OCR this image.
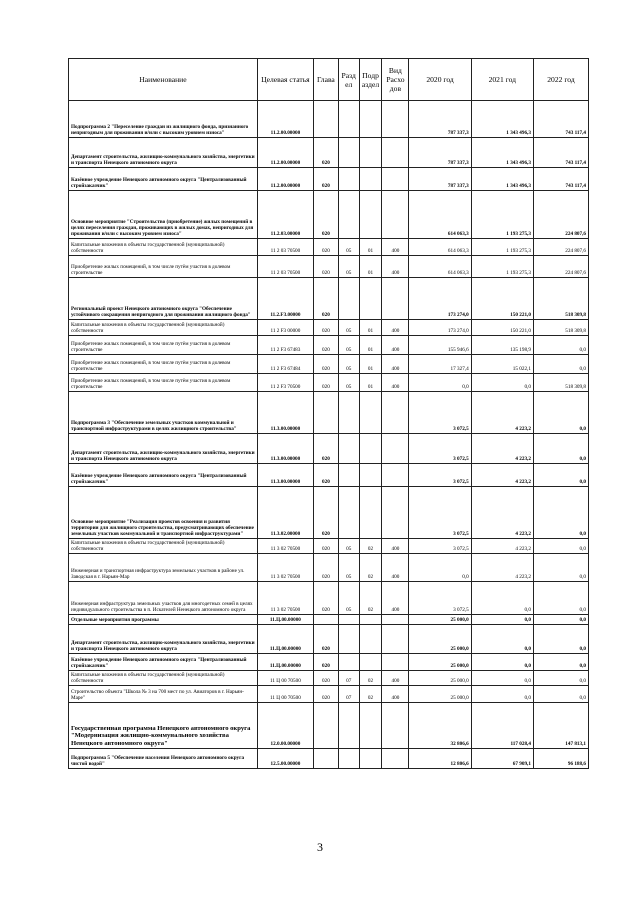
Наименование	Целевая статья	Глава	Разд ел	Подр аздел	Вид Расхо дов	2020 год	2021 год	2022 год
Подпрограмма 2 "Переселение граждан из жилищного фонда, признанного непригодным для проживания и/или с высоким уровнем износа"	11.2.00.00000					787 337,3	1 343 496,3	743 117,4
Департамент строительства, жилищно-коммунального хозяйства, энергетики и транспорта Ненецкого автономного округа	11.2.00.00000	020				787 337,3	1 343 496,3	743 117,4
Казённое учреждение Ненецкого автономного округа "Централизованный стройзаказчик"	11.2.00.00000	020				787 337,3	1 343 496,3	743 117,4
Основное мероприятие "Строительство (приобретение) жилых помещений в целях переселения граждан, проживающих в жилых домах, непригодных для проживания и/или с высоким уровнем износа"	11.2.03.00000	020				614 063,3	1 193 275,3	224 807,6
Капитальные вложения в объекты государственной (муниципальной) собственности	11 2 03 70500	020	05	01	400	614 063,3	1 193 275,3	224 807,6
Приобретение жилых помещений, в том числе путём участия в долевом строительстве	11 2 03 70500	020	05	01	400	614 063,3	1 193 275,3	224 807,6
Региональный проект Ненецкого автономного округа "Обеспечение устойчивого сокращения непригодного для проживания жилищного фонда"	11.2.F3.00000	020				173 274,0	150 221,0	518 309,8
Капитальные вложения в объекты государственной (муниципальной) собственности	11 2 F3 00000	020	05	01	400	173 274,0	150 221,0	518 309,8
Приобретение жилых помещений, в том числе путём участия в долевом строительстве	11 2 F3 67483	020	05	01	400	155 946,6	135 198,9	0,0
Приобретение жилых помещений, в том числе путём участия в долевом строительстве	11 2 F3 67484	020	05	01	400	17 327,4	15 022,1	0,0
Приобретение жилых помещений, в том числе путём участия в долевом строительстве	11 2 F3 70500	020	05	01	400	0,0	0,0	518 309,8
Подпрограмма 3 "Обеспечение земельных участков коммунальной и транспортной инфраструктурами в целях жилищного строительства"	11.3.00.00000					3 072,5	4 223,2	0,0
Департамент строительства, жилищно-коммунального хозяйства, энергетики и транспорта Ненецкого автономного округа	11.3.00.00000	020				3 072,5	4 223,2	0,0
Казённое учреждение Ненецкого автономного округа "Централизованный стройзаказчик"	11.3.00.00000	020				3 072,5	4 223,2	0,0
Основное мероприятие "Реализация проектов освоения и развития территории для жилищного строительства, предусматривающих обеспечение земельных участков коммунальной и транспортной инфраструктурами"	11.3.02.00000	020				3 072,5	4 223,2	0,0
Капитальные вложения в объекты государственной (муниципальной) собственности	11 3 02 70500	020	05	02	400	3 072,5	4 223,2	0,0
Инженерная и транспортная инфраструктура земельных участков в районе ул. Заводская в г. Нарьян-Мар	11 3 02 70500	020	05	02	400	0,0	4 223,2	0,0
Инженерная инфраструктура земельных участков для многодетных семей в целях индивидуального строительства в п. Искателей Ненецкого автономного округа	11 3 02 70500	020	05	02	400	3 072,5	0,0	0,0
Отдельные мероприятия программы	11.Ц.00.00000					25 000,0	0,0	0,0
Департамент строительства, жилищно-коммунального хозяйства, энергетики и транспорта Ненецкого автономного округа	11.Ц.00.00000	020				25 000,0	0,0	0,0
Казённое учреждение Ненецкого автономного округа "Централизованный стройзаказчик"	11.Ц.00.00000	020				25 000,0	0,0	0,0
Капитальные вложения в объекты государственной (муниципальной) собственности	11 Ц 00 70500	020	07	02	400	25 000,0	0,0	0,0
Строительство объекта "Школа № 3 на 700 мест по ул. Авиаторов в г. Нарьян-Маре"	11 Ц 00 70500	020	07	02	400	25 000,0	0,0	0,0
Государственная программа Ненецкого автономного округа "Модернизация жилищно-коммунального хозяйства Ненецкого автономного округа"	12.0.00.00000					32 806,6	117 028,4	147 813,1
Подпрограмма 5 "Обеспечение населения Ненецкого автономного округа чистой водой"	12.5.00.00000					12 806,6	67 909,1	96 188,6
3
